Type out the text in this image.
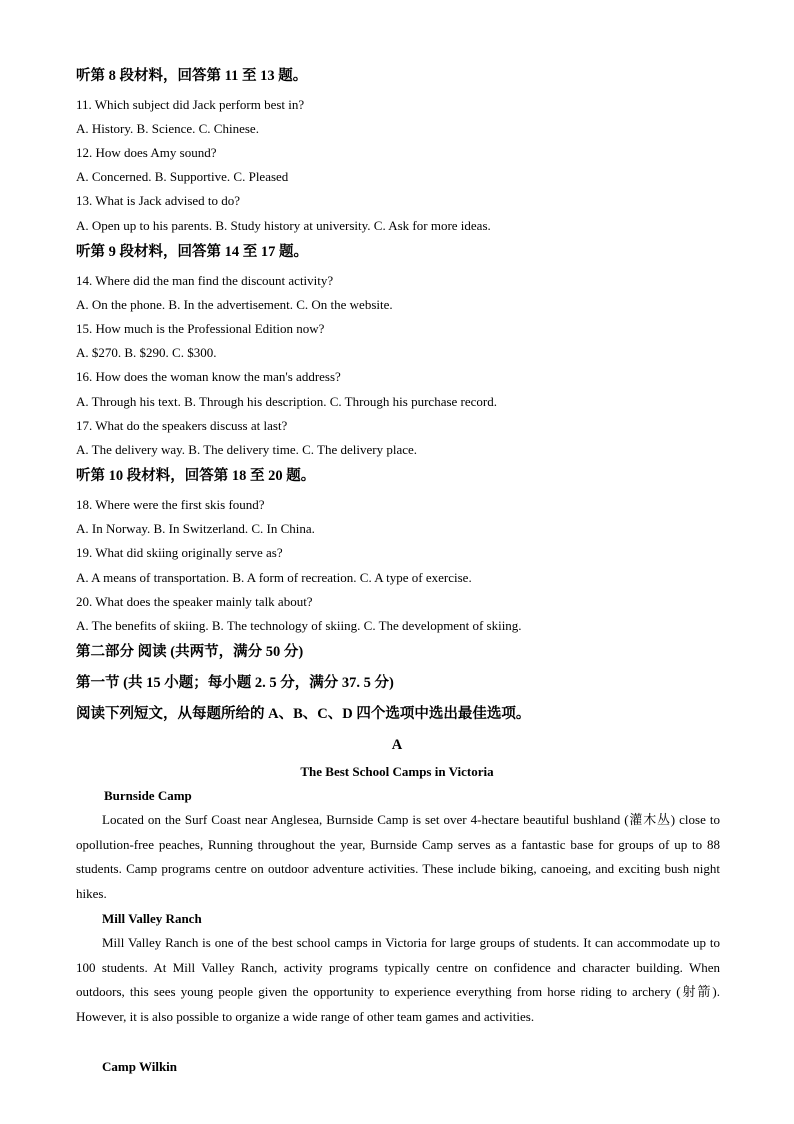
听第 8 段材料，回答第 11 至 13 题。
11. Which subject did Jack perform best in?
A. History. B. Science. C. Chinese.
12. How does Amy sound?
A. Concerned. B. Supportive. C. Pleased
13. What is Jack advised to do?
A. Open up to his parents. B. Study history at university. C. Ask for more ideas.
听第 9 段材料，回答第 14 至 17 题。
14. Where did the man find the discount activity?
A. On the phone. B. In the advertisement. C. On the website.
15. How much is the Professional Edition now?
A. $270. B. $290. C. $300.
16. How does the woman know the man's address?
A. Through his text. B. Through his description. C. Through his purchase record.
17. What do the speakers discuss at last?
A. The delivery way. B. The delivery time. C. The delivery place.
听第 10 段材料，回答第 18 至 20 题。
18. Where were the first skis found?
A. In Norway. B. In Switzerland. C. In China.
19. What did skiing originally serve as?
A. A means of transportation. B. A form of recreation. C. A type of exercise.
20. What does the speaker mainly talk about?
A. The benefits of skiing. B. The technology of skiing. C. The development of skiing.
第二部分 阅读 (共两节，满分 50 分)
第一节 (共 15 小题；每小题 2. 5 分，满分 37. 5 分)
阅读下列短文，从每题所给的 A、B、C、D 四个选项中选出最佳选项。
A
The Best School Camps in Victoria
Burnside Camp
Located on the Surf Coast near Anglesea, Burnside Camp is set over 4-hectare beautiful bushland (灌木丛) close to opollution-free peaches, Running throughout the year, Burnside Camp serves as a fantastic base for groups of up to 88 students. Camp programs centre on outdoor adventure activities. These include biking, canoeing, and exciting bush night hikes.
Mill Valley Ranch
Mill Valley Ranch is one of the best school camps in Victoria for large groups of students. It can accommodate up to 100 students. At Mill Valley Ranch, activity programs typically centre on confidence and character building. When outdoors, this sees young people given the opportunity to experience everything from horse riding to archery (射箭). However, it is also possible to organize a wide range of other team games and activities.
Camp Wilkin
